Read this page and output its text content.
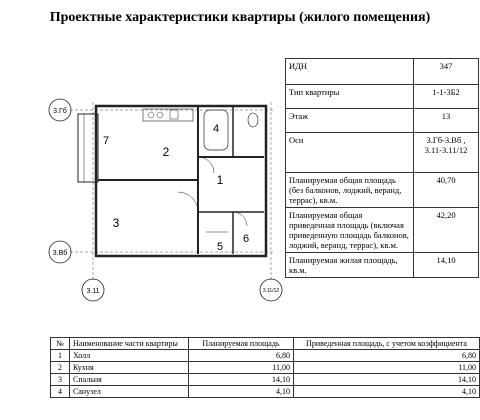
Проектные характеристики квартиры (жилого помещения)
3.Гб
3.Вб
3.11	3.11/12
1
2
3
4
5
6
7
ИДН	347
Тип квартиры	1-1-3Б2
Этаж	13
Оси	3.Гб-3.Вб , 3.11-3.11/12
Планируемая общая площадь (без балконов, лоджий, веранд, террас), кв.м.	40,70
Планируемая общая приведенная площадь (включая приведенную площадь балконов, лоджий, веранд, террас), кв.м.	42,20
Планируемая жилая площадь, кв.м.	14,10
№	Наименование части квартиры	Планируемая площадь	Приведенная площадь, с учетом коэффициента
1	Холл	6,80	6,80
2	Кухня	11,00	11,00
3	Спальня	14,10	14,10
4	Санузел	4,10	4,10
